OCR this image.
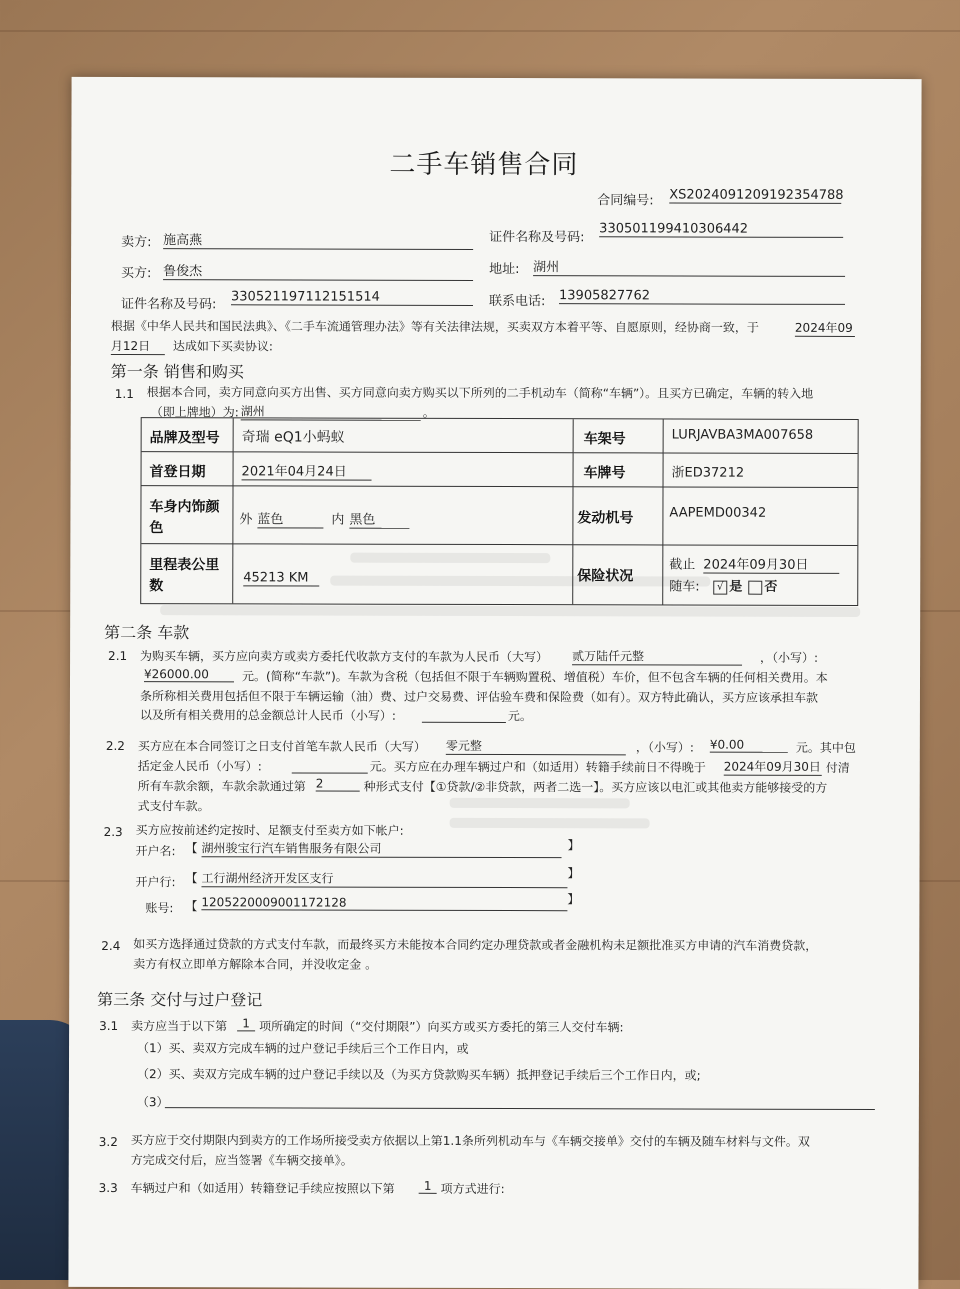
二手车销售合同
合同编号: XS2024091209192354788
卖方: 施高燕	证件名称及号码:
330501199410306442
买方: 鲁俊杰	地址: 湖州
证件名称及号码: 330521197112151514	联系电话: 13905827762
根据《中华人民共和国民法典》、《二手车流通管理办法》等有关法律法规，买卖双方本着平等、自愿原则，经协商一致，于	2024年09
月12日	达成如下买卖协议:
第一条 销售和购买
1.1 根据本合同，卖方同意向买方出售、买方同意向卖方购买以下所列的二手机动车（简称“车辆”）。且买方已确定，车辆的转入地
（即上牌地）为: 湖州	。
品牌及型号 奇瑞 eQ1小蚂蚁	车架号	LURJAVBA3MA007658
首登日期	2021年04月24日	车牌号	浙ED37212
车身内饰颜
色
外 蓝色	内 黑色	发动机号	AAPEMD00342
里程表公里
数
45213 KM	保险状况
截止 2024年09月30日
随车:	√ 是 否
第二条 车款
2.1 为购买车辆，买方应向卖方或卖方委托代收款方支付的车款为人民币（大写） 贰万陆仟元整	，（小写）:
¥26000.00	元。(简称“车款”)。车款为含税（包括但不限于车辆购置税、增值税）车价，但不包含车辆的任何相关费用。本
条所称相关费用包括但不限于车辆运输（油）费、过户交易费、评估验车费和保险费（如有）。双方特此确认，买方应该承担车款
以及所有相关费用的总金额总计人民币（小写）:	元。
2.2 买方应在本合同签订之日支付首笔车款人民币（大写） 零元整	，（小写）: ¥0.00	元。其中包
括定金人民币（小写）:	元。买方应在办理车辆过户和（如适用）转籍手续前日不得晚于 2024年09月30日 付清
所有车款余额，车款余款通过第 2	种形式支付【①贷款/②非贷款，两者二选一】。买方应该以电汇或其他卖方能够接受的方
式支付车款。
2.3 买方应按前述约定按时、足额支付至卖方如下帐户:
开户名: 【 湖州骏宝行汽车销售服务有限公司	】
开户行: 【 工行湖州经济开发区支行	】
账号: 【 1205220009001172128	】
2.4 如买方选择通过贷款的方式支付车款，而最终买方未能按本合同约定办理贷款或者金融机构未足额批准买方申请的汽车消费贷款，
卖方有权立即单方解除本合同，并没收定金 。
第三条 交付与过户登记
3.1 卖方应当于以下第	1 项所确定的时间（“交付期限”）向买方或买方委托的第三人交付车辆:
（1）买、卖双方完成车辆的过户登记手续后三个工作日内，或
（2）买、卖双方完成车辆的过户登记手续以及（为买方贷款购买车辆）抵押登记手续后三个工作日内，或;
（3）
3.2 买方应于交付期限内到卖方的工作场所接受卖方依据以上第1.1条所列机动车与《车辆交接单》交付的车辆及随车材料与文件。双
方完成交付后，应当签署《车辆交接单》。
3.3 车辆过户和（如适用）转籍登记手续应按照以下第	1 项方式进行:
